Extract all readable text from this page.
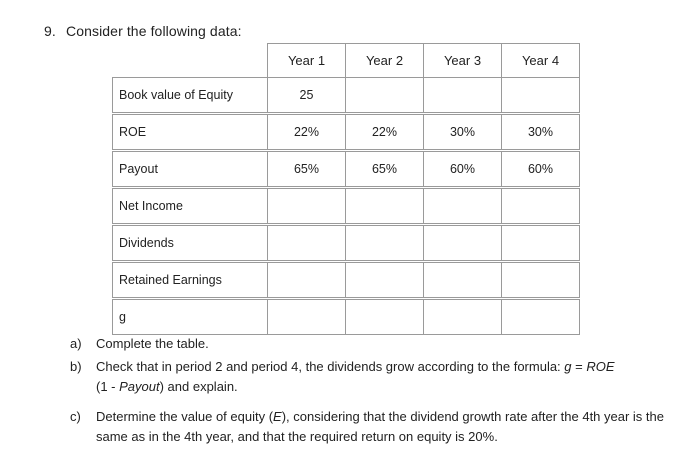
9. Consider the following data:
	Year 1	Year 2	Year 3	Year 4
Book value of Equity	25			
ROE	22%	22%	30%	30%
Payout	65%	65%	60%	60%
Net Income				
Dividends				
Retained Earnings				
g				
a) Complete the table.
b) Check that in period 2 and period 4, the dividends grow according to the formula: g = ROE
(1 - Payout) and explain.
c) Determine the value of equity (E), considering that the dividend growth rate after the 4th year is the same as in the 4th year, and that the required return on equity is 20%.
